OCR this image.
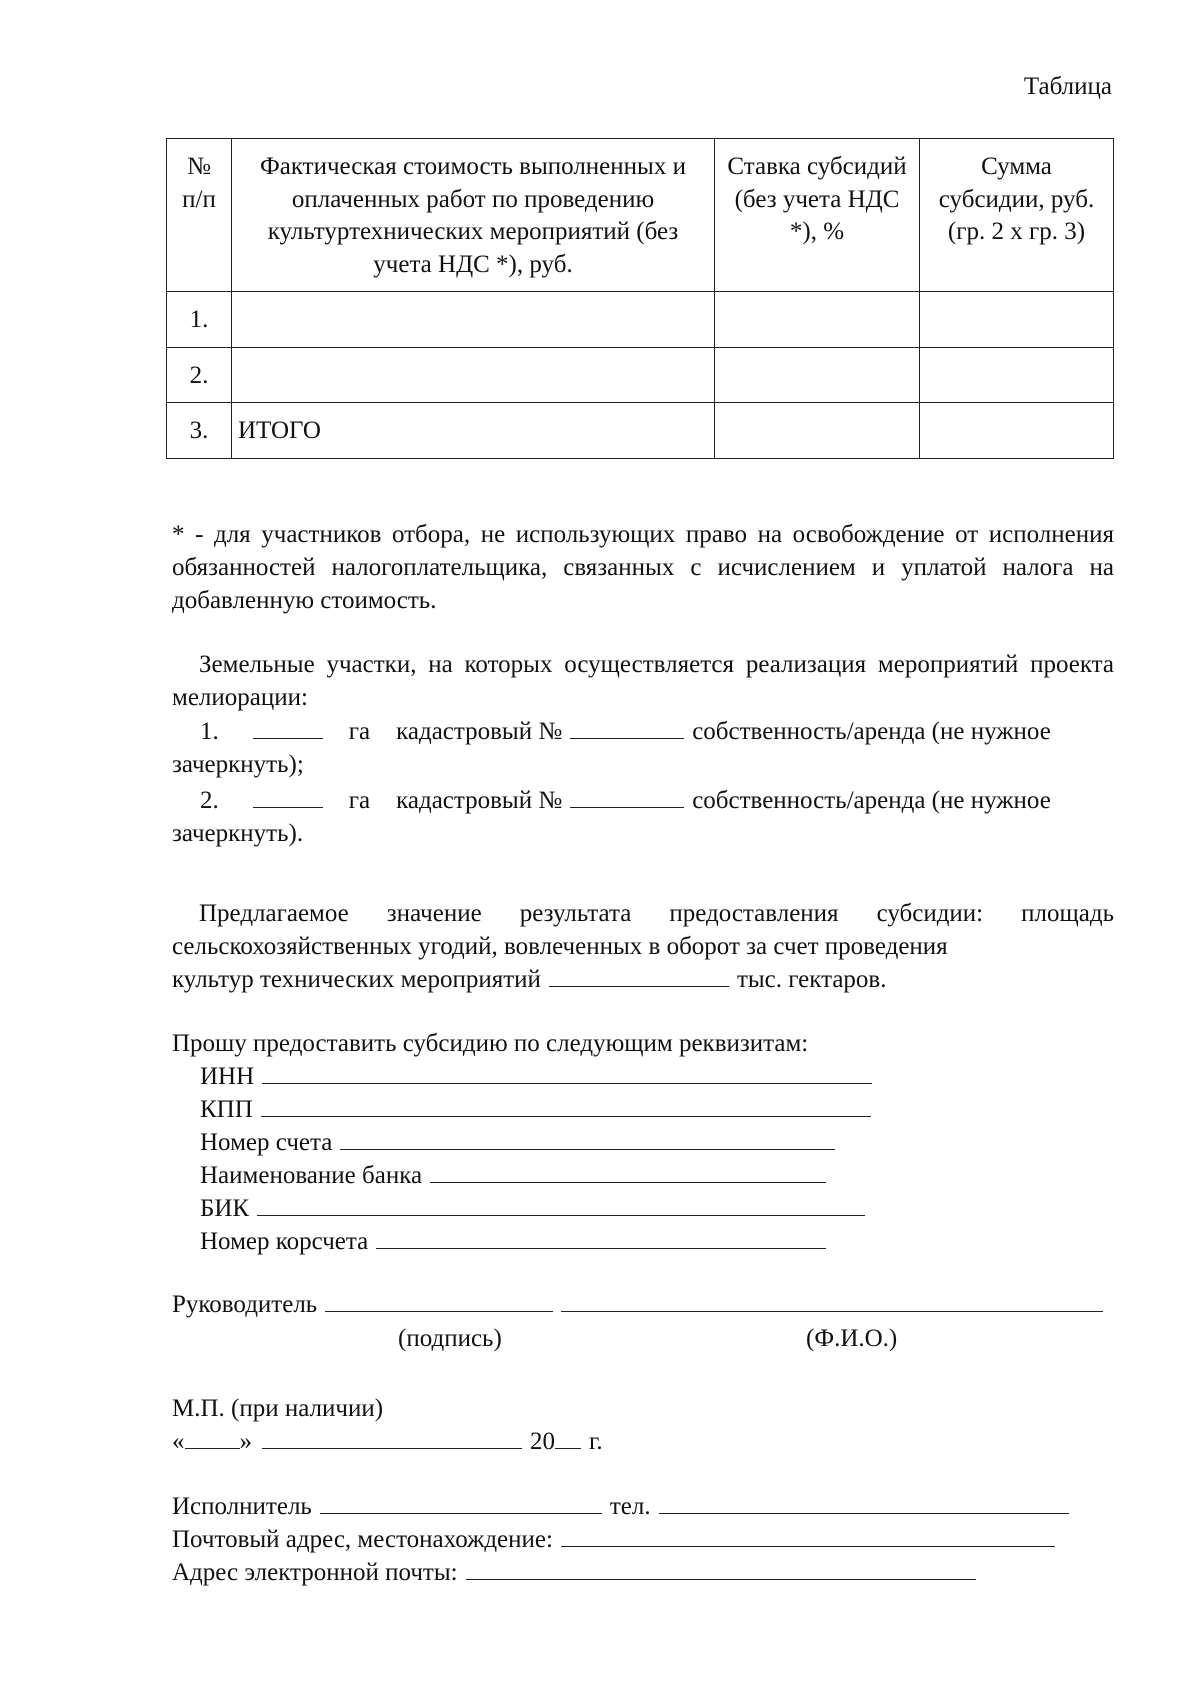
Таблица
№
п/п	Фактическая стоимость выполненных и оплаченных работ по проведению культуртехнических мероприятий (без учета НДС *), руб.	Ставка субсидий (без учета НДС *), %	Сумма субсидии, руб. (гр. 2 х гр. 3)
1.			
2.			
3.	ИТОГО		
* - для участников отбора, не использующих право на освобождение от исполнения обязанностей налогоплательщика, связанных с исчислением и уплатой налога на добавленную стоимость.
Земельные участки, на которых осуществляется реализация мероприятий проекта мелиорации:
1.	га кадастровый №	собственность/аренда (не нужное
зачеркнуть);
2.	га кадастровый №	собственность/аренда (не нужное
зачеркнуть).
Предлагаемое значение результата предоставления субсидии: площадь сельскохозяйственных угодий, вовлеченных в оборот за счет проведения
культур технических мероприятий	тыс. гектаров.
Прошу предоставить субсидию по следующим реквизитам:
ИНН
КПП
Номер счета
Наименование банка
БИК
Номер корсчета
Руководитель
(подпись)	(Ф.И.О.)
М.П. (при наличии)
« »	20 г.
Исполнитель	тел.
Почтовый адрес, местонахождение:
Адрес электронной почты:
